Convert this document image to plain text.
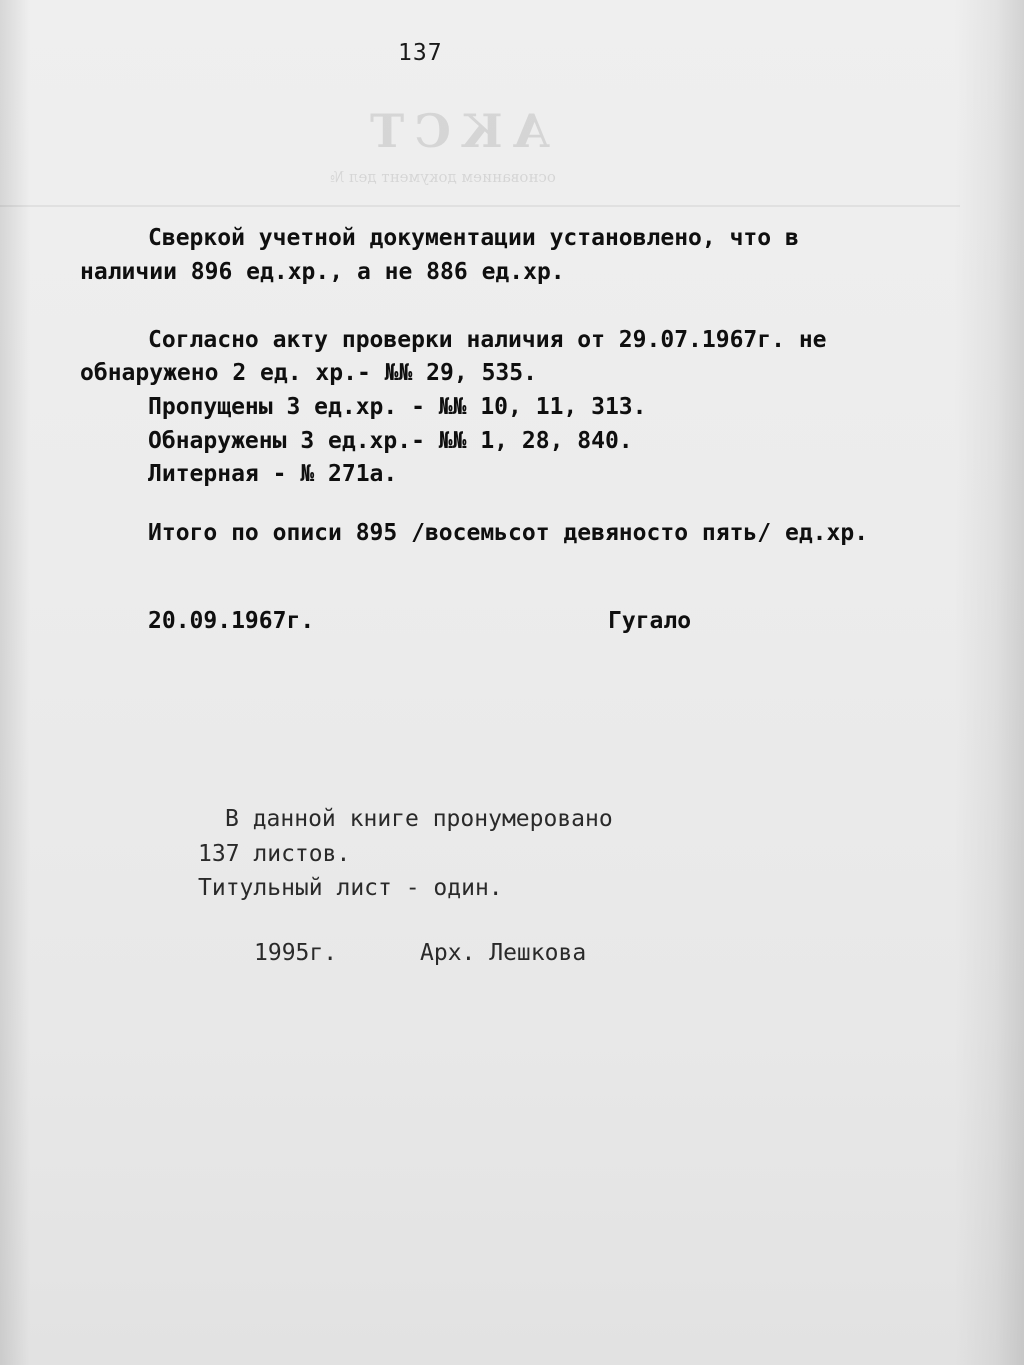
АКСТ
основанием документ дел №
137
Сверкой учетной документации установлено, что в
наличии 896 ед.хр., а не 886 ед.хр.
Согласно акту проверки наличия от 29.07.1967г. не
обнаружено 2 ед. хр.- №№ 29, 535.
Пропущены 3 ед.хр. - №№ 10, 11, 313.
Обнаружены 3 ед.хр.- №№ 1, 28, 840.
Литерная - № 271а.
Итого по описи 895 /восемьсот девяносто пять/ ед.хр.
20.09.1967г.	Гугало
В данной книге пронумеровано
137 листов.
Титульный лист - один.
1995г.	Арх. Лешкова
